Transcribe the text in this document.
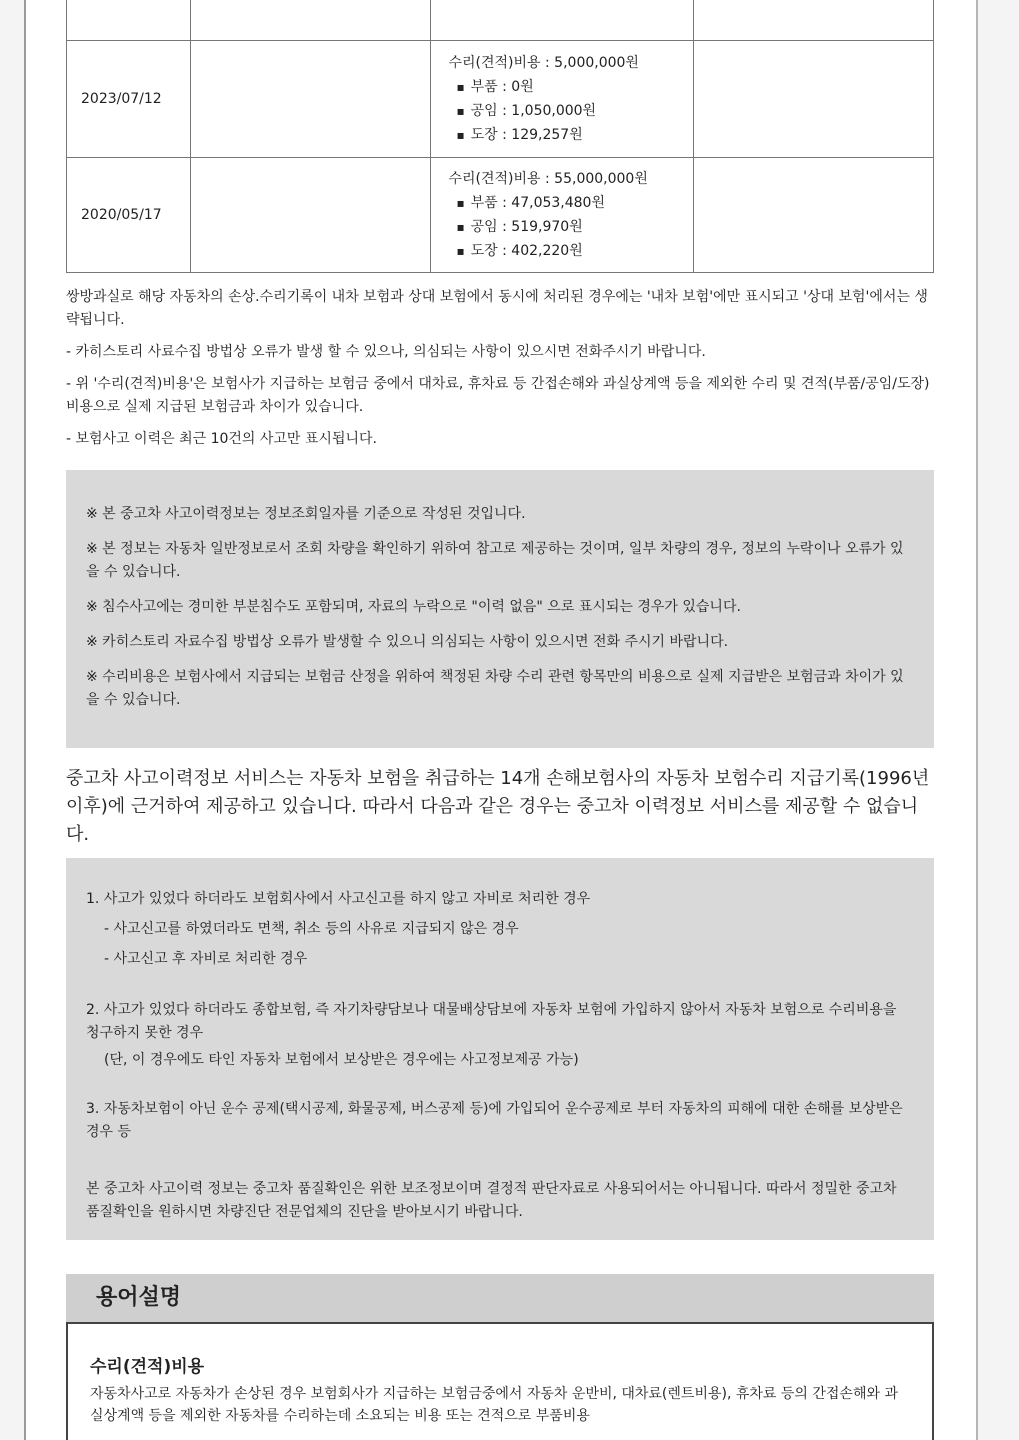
2023/07/12		수리(견적)비용 : 5,000,000원
▪ 부품 : 0원
▪ 공임 : 1,050,000원
▪ 도장 : 129,257원

2020/05/17		수리(견적)비용 : 55,000,000원
▪ 부품 : 47,053,480원
▪ 공임 : 519,970원
▪ 도장 : 402,220원

쌍방과실로 해당 자동차의 손상.수리기록이 내차 보험과 상대 보험에서 동시에 처리된 경우에는 '내차 보험'에만 표시되고 '상대 보험'에서는 생략됩니다.

- 카히스토리 사료수집 방법상 오류가 발생 할 수 있으나, 의심되는 사항이 있으시면 전화주시기 바랍니다.

- 위 '수리(견적)비용'은 보험사가 지급하는 보험금 중에서 대차료, 휴차료 등 간접손해와 과실상계액 등을 제외한 수리 및 견적(부품/공임/도장) 비용으로 실제 지급된 보험금과 차이가 있습니다.

- 보험사고 이력은 최근 10건의 사고만 표시됩니다.

※ 본 중고차 사고이력정보는 정보조회일자를 기준으로 작성된 것입니다.

※ 본 정보는 자동차 일반정보로서 조회 차량을 확인하기 위하여 참고로 제공하는 것이며, 일부 차량의 경우, 정보의 누락이나 오류가 있을 수 있습니다.

※ 침수사고에는 경미한 부분침수도 포함되며, 자료의 누락으로 "이력 없음" 으로 표시되는 경우가 있습니다.

※ 카히스토리 자료수집 방법상 오류가 발생할 수 있으니 의심되는 사항이 있으시면 전화 주시기 바랍니다.

※ 수리비용은 보험사에서 지급되는 보험금 산정을 위하여 책정된 차량 수리 관련 항목만의 비용으로 실제 지급받은 보험금과 차이가 있을 수 있습니다.

중고차 사고이력정보 서비스는 자동차 보험을 취급하는 14개 손해보험사의 자동차 보험수리 지급기록(1996년 이후)에 근거하여 제공하고 있습니다. 따라서 다음과 같은 경우는 중고차 이력정보 서비스를 제공할 수 없습니다.

1. 사고가 있었다 하더라도 보험회사에서 사고신고를 하지 않고 자비로 처리한 경우

- 사고신고를 하였더라도 면책, 취소 등의 사유로 지급되지 않은 경우

- 사고신고 후 자비로 처리한 경우

2. 사고가 있었다 하더라도 종합보험, 즉 자기차량담보나 대물배상담보에 자동차 보험에 가입하지 않아서 자동차 보험으로 수리비용을 청구하지 못한 경우

(단, 이 경우에도 타인 자동차 보험에서 보상받은 경우에는 사고정보제공 가능)

3. 자동차보험이 아닌 운수 공제(택시공제, 화물공제, 버스공제 등)에 가입되어 운수공제로 부터 자동차의 피해에 대한 손해를 보상받은 경우 등

본 중고차 사고이력 정보는 중고차 품질확인은 위한 보조정보이며 결정적 판단자료로 사용되어서는 아니됩니다. 따라서 정밀한 중고차 품질확인을 원하시면 차량진단 전문업체의 진단을 받아보시기 바랍니다.

용어설명

수리(견적)비용

자동차사고로 자동차가 손상된 경우 보험회사가 지급하는 보험금중에서 자동차 운반비, 대차료(렌트비용), 휴차료 등의 간접손해와 과실상계액 등을 제외한 자동차를 수리하는데 소요되는 비용 또는 견적으로 부품비용
